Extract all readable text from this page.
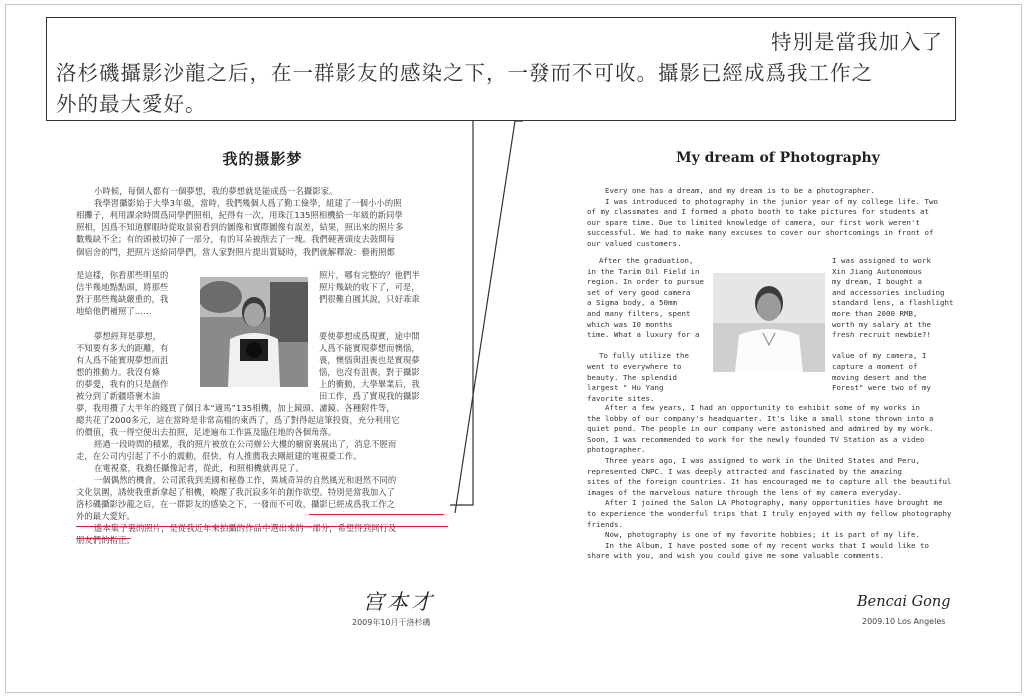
特別是當我加入了
洛杉磯攝影沙龍之后，在一群影友的感染之下，一發而不可收。攝影已經成爲我工作之
外的最大愛好。
我的摄影梦
小時候，每個人都有一個夢想，我的夢想就是能成爲一名攝影家。
我學習攝影始于大學3年級，當時，我們幾個人爲了勤工儉學，組建了一個小小的照
相攤子，利用課余時間爲同學們照相，紀得有一次，用珠江135照相機給一年級的新同學
照相，因爲不知道膠眼時從取景窗看到的圖像和實際圖像有誤差，結果，照出來的照片多
數幾缺不全；有的頭被切掉了一部分，有的耳朵被削去了一塊。我們硬著頭皮去鼓開每
個宿舍的門，把照片送給同學們，當人家對照片提出質疑時，我們就解釋說：藝術照都
是這樣，你看那些明星的
信半幾地點點頭，將那些
對于那些幾缺嚴重的，我
地給他們補照了……
夢想經拜是夢想，
不知要有多大的距離，有
有人爲不能實現夢想而沮
想的推動力。我沒有條
的夢愛，我有的只是創作
被分到了新疆塔裹木油
照片，哪有完整的？他們半
照片幾缺的收下了，可是，
們很難自圓其說，只好乖乖
要使夢想成爲現實，途中間
人爲不能實現夢想而懊惱，
喪，懊惱與沮喪也是實現夢
惱，也沒有沮喪，對于攝影
上的衝動，大學畢業后，我
田工作，爲了實現我的攝影
夢，我用攢了大半年的錢買了個日本“適馬”135相機，加上鏡頭、濾鏡、各種附件等，
總共花了2000多元，這在當時是非常高檔的東西了，爲了對得起這筆投資，充分利用它
的價值，我一得空便出去拍照，足迹遍布工作區及臨住地的各個角落。
經過一段時間的積累，我的照片被放在公司辦公大樓的櫥窗裏展出了，消息不脛而
走，在公司内引起了不小的震動，很快，有人推薦我去剛組建的電視臺工作。
在電視臺，我擔任攝像記者，從此，和照相機就再見了。
一個偶然的機會，公司派我到美國和秘魯工作，異域奇异的自然風光和迥然不同的
文化氛圍，誘使我重新拿起了相機，喚醒了我沉寂多年的創作欲望。特別是當我加入了
洛杉磯攝影沙龍之后，在一群影友的感染之下，一發而不可收，攝影已經成爲我工作之
外的最大愛好。
遙本集子裏的照片，是從我近年來拍攝的作品中選出來的一部分，希望得到同行及
朋友們的指正。
宫本才
2009年10月于洛杉磯
My dream of Photography
Every one has a dream, and my dream is to be a photographer.
I was introduced to photography in the junior year of my college life. Two
of my classmates and I formed a photo booth to take pictures for students at
our spare time. Due to limited knowledge of camera, our first work weren't
successful. We had to make many excuses to cover our shortcomings in front of
our valued customers.
After the graduation,
in the Tarim Oil Field in
region. In order to pursue
set of very good camera
a Sigma body, a 50mm
and many filters, spent
which was 10 months
time. What a luxury for a
To fully utilize the
went to everywhere to
beauty. The splendid
largest " Hu Yang
favorite sites.
I was assigned to work
Xin Jiang Autonomous
my dream, I bought a
and accessories including
standard lens, a flashlight
more than 2000 RMB,
worth my salary at the
fresh recruit newbie?!
value of my camera, I
capture a moment of
moving desert and the
Forest" were two of my
After a few years, I had an opportunity to exhibit some of my works in
the lobby of our company's headquarter. It's like a small stone thrown into a
quiet pond. The people in our company were astonished and admired by my work.
Soon, I was recommended to work for the newly founded TV Station as a video
photographer.
Three years ago, I was assigned to work in the United States and Peru,
represented CNPC. I was deeply attracted and fascinated by the amazing
sites of the foreign countries. It has encouraged me to capture all the beautiful
images of the marvelous nature through the lens of my camera everyday.
After I joined the Salon LA Photography, many opportunities have brought me
to experience the wonderful trips that I truly enjoyed with my fellow photography
friends.
Now, photography is one of my favorite hobbies; it is part of my life.
In the Album, I have posted some of my recent works that I would like to
share with you, and wish you could give me some valuable comments.
Bencai Gong
2009.10 Los Angeles
